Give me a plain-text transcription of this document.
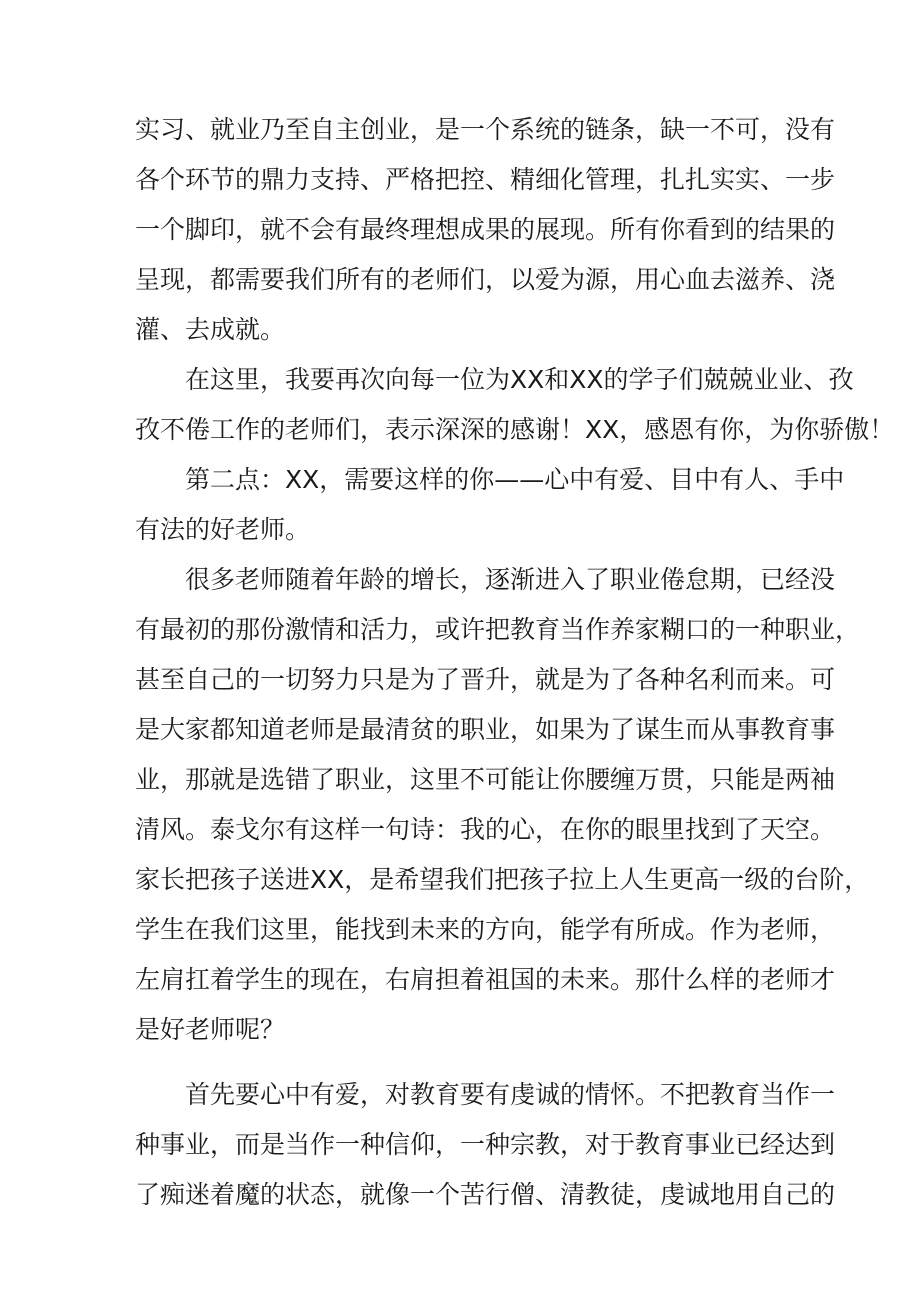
实习、就业乃至自主创业，是一个系统的链条，缺一不可，没有
各个环节的鼎力支持、严格把控、精细化管理，扎扎实实、一步
一个脚印，就不会有最终理想成果的展现。所有你看到的结果的
呈现，都需要我们所有的老师们，以爱为源，用心血去滋养、浇
灌、去成就。
在这里，我要再次向每一位为XX和XX的学子们兢兢业业、孜
孜不倦工作的老师们，表示深深的感谢！XX，感恩有你，为你骄傲！
第二点：XX，需要这样的你——心中有爱、目中有人、手中
有法的好老师。
很多老师随着年龄的增长，逐渐进入了职业倦怠期，已经没
有最初的那份激情和活力，或许把教育当作养家糊口的一种职业，
甚至自己的一切努力只是为了晋升，就是为了各种名利而来。可
是大家都知道老师是最清贫的职业，如果为了谋生而从事教育事
业，那就是选错了职业，这里不可能让你腰缠万贯，只能是两袖
清风。泰戈尔有这样一句诗：我的心，在你的眼里找到了天空。
家长把孩子送进XX，是希望我们把孩子拉上人生更高一级的台阶，
学生在我们这里，能找到未来的方向，能学有所成。作为老师，
左肩扛着学生的现在，右肩担着祖国的未来。那什么样的老师才
是好老师呢？
首先要心中有爱，对教育要有虔诚的情怀。不把教育当作一
种事业，而是当作一种信仰，一种宗教，对于教育事业已经达到
了痴迷着魔的状态，就像一个苦行僧、清教徒，虔诚地用自己的
